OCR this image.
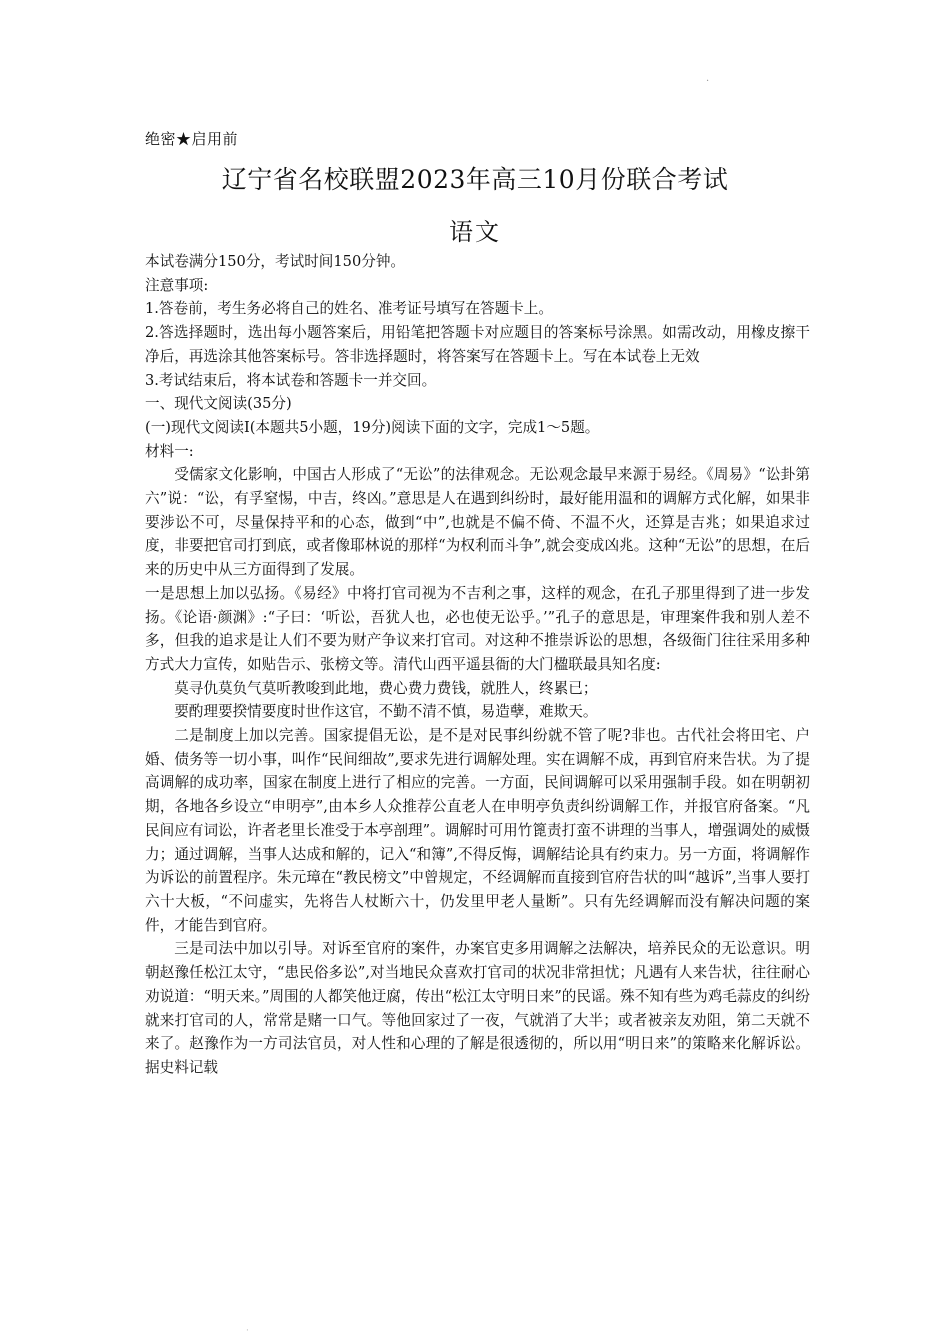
·
绝密★启用前
辽宁省名校联盟2023年高三10月份联合考试
语文

本试卷满分150分，考试时间150分钟。

注意事项:

1.答卷前，考生务必将自己的姓名、准考证号填写在答题卡上。

2.答选择题时，选出每小题答案后，用铅笔把答题卡对应题目的答案标号涂黑。如需改动，用橡皮擦干净后，再选涂其他答案标号。答非选择题时，将答案写在答题卡上。写在本试卷上无效

3.考试结束后，将本试卷和答题卡一并交回。

一、现代文阅读(35分)

(一)现代文阅读I(本题共5小题，19分)阅读下面的文字，完成1～5题。

材料一:

受儒家文化影响，中国古人形成了“无讼”的法律观念。无讼观念最早来源于易经。《周易》“讼卦第六”说：“讼，有孚窒惕，中吉，终凶。”意思是人在遇到纠纷时，最好能用温和的调解方式化解，如果非要涉讼不可，尽量保持平和的心态，做到“中”,也就是不偏不倚、不温不火，还算是吉兆；如果追求过度，非要把官司打到底，或者像耶林说的那样“为权利而斗争”,就会变成凶兆。这种“无讼”的思想，在后来的历史中从三方面得到了发展。

一是思想上加以弘扬。《易经》中将打官司视为不吉利之事，这样的观念，在孔子那里得到了进一步发扬。《论语·颜渊》:“子曰：‘听讼，吾犹人也，必也使无讼乎。’”孔子的意思是，审理案件我和别人差不多，但我的追求是让人们不要为财产争议来打官司。对这种不推崇诉讼的思想，各级衙门往往采用多种方式大力宣传，如贴告示、张榜文等。清代山西平遥县衙的大门楹联最具知名度:

莫寻仇莫负气莫听教唆到此地，费心费力费钱，就胜人，终累已；

要酌理要揆情要度时世作这官，不勤不清不慎，易造孽，难欺天。

二是制度上加以完善。国家提倡无讼，是不是对民事纠纷就不管了呢?非也。古代社会将田宅、户婚、债务等一切小事，叫作“民间细故”,要求先进行调解处理。实在调解不成，再到官府来告状。为了提高调解的成功率，国家在制度上进行了相应的完善。一方面，民间调解可以采用强制手段。如在明朝初期，各地各乡设立“申明亭”,由本乡人众推荐公直老人在申明亭负责纠纷调解工作，并报官府备案。“凡民间应有词讼，许者老里长准受于本亭剖理”。调解时可用竹篦责打蛮不讲理的当事人，增强调处的威慑力；通过调解，当事人达成和解的，记入“和簿”,不得反悔，调解结论具有约束力。另一方面，将调解作为诉讼的前置程序。朱元璋在“教民榜文”中曾规定，不经调解而直接到官府告状的叫“越诉”,当事人要打六十大板，“不问虚实，先将告人杖断六十，仍发里甲老人量断”。只有先经调解而没有解决问题的案件，才能告到官府。

三是司法中加以引导。对诉至官府的案件，办案官吏多用调解之法解决，培养民众的无讼意识。明朝赵豫任松江太守，“患民俗多讼”,对当地民众喜欢打官司的状况非常担忧；凡遇有人来告状，往往耐心劝说道：“明天来。”周围的人都笑他迂腐，传出“松江太守明日来”的民谣。殊不知有些为鸡毛蒜皮的纠纷就来打官司的人，常常是赌一口气。等他回家过了一夜，气就消了大半；或者被亲友劝阻，第二天就不来了。赵豫作为一方司法官员，对人性和心理的了解是很透彻的，所以用“明日来”的策略来化解诉讼。据史料记载

·
